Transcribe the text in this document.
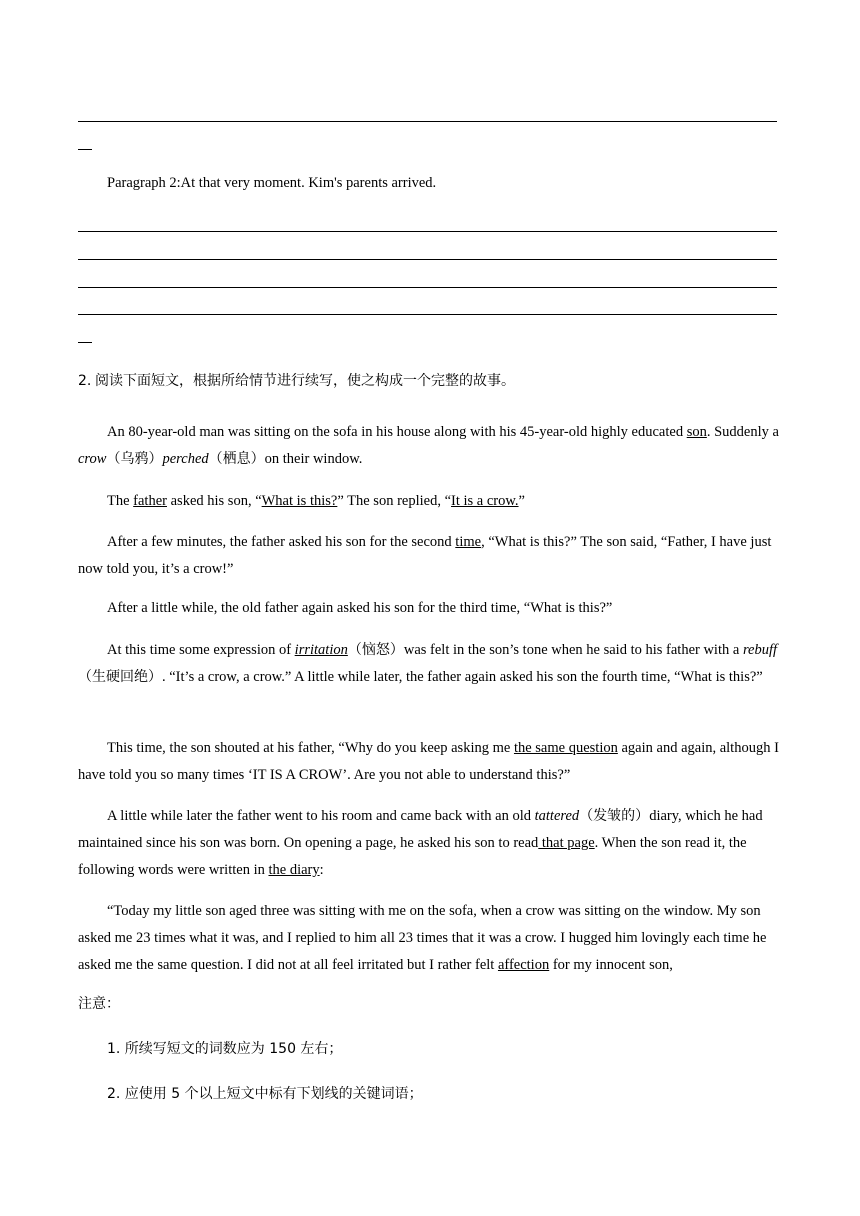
Paragraph 2:At that very moment. Kim's parents arrived.
2. 阅读下面短文，根据所给情节进行续写，使之构成一个完整的故事。
An 80-year-old man was sitting on the sofa in his house along with his 45-year-old highly educated son. Suddenly a crow（乌鸦）perched（栖息）on their window.
The father asked his son, “What is this?” The son replied, “It is a crow.”
After a few minutes, the father asked his son for the second time, “What is this?” The son said, “Father, I have just now told you, it’s a crow!”
After a little while, the old father again asked his son for the third time, “What is this?”
At this time some expression of irritation（恼怒）was felt in the son’s tone when he said to his father with a rebuff（生硬回绝）. “It’s a crow, a crow.” A little while later, the father again asked his son the fourth time, “What is this?”
This time, the son shouted at his father, “Why do you keep asking me the same question again and again, although I have told you so many times ‘IT IS A CROW’. Are you not able to understand this?”
A little while later the father went to his room and came back with an old tattered（发皱的）diary, which he had maintained since his son was born. On opening a page, he asked his son to read that page. When the son read it, the following words were written in the diary:
“Today my little son aged three was sitting with me on the sofa, when a crow was sitting on the window. My son asked me 23 times what it was, and I replied to him all 23 times that it was a crow. I hugged him lovingly each time he asked me the same question. I did not at all feel irritated but I rather felt affection for my innocent son,
注意：
1. 所续写短文的词数应为 150 左右；
2. 应使用 5 个以上短文中标有下划线的关键词语；
